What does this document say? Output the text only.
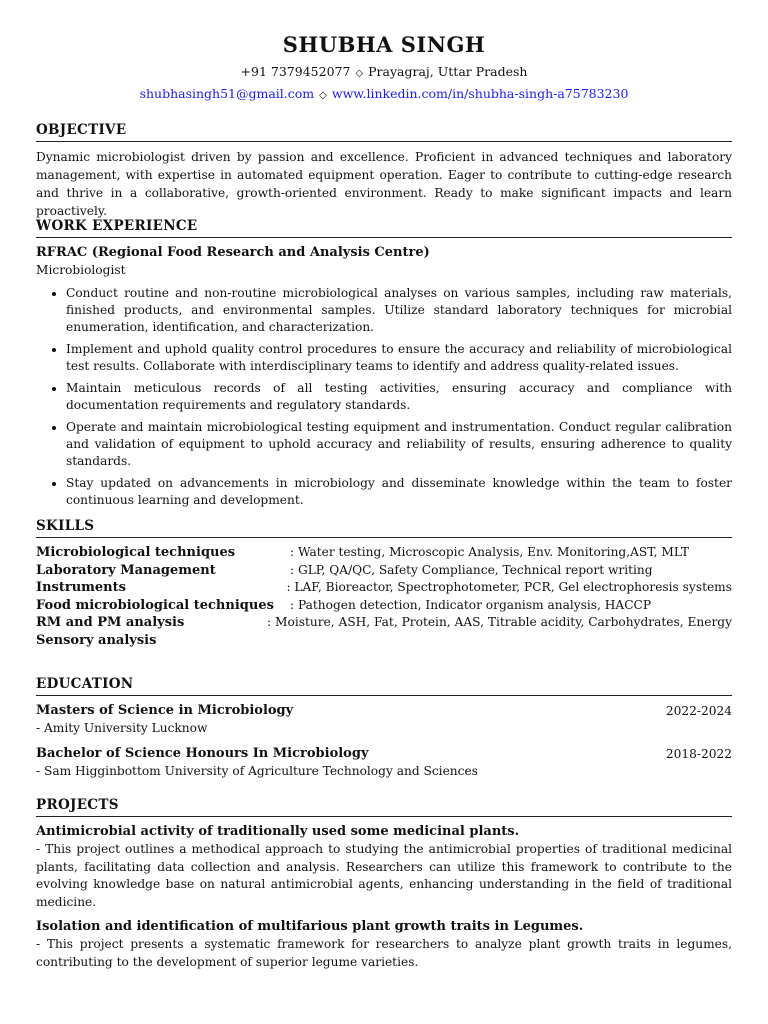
SHUBHA SINGH
+91 7379452077 ◇ Prayagraj, Uttar Pradesh
shubhasingh51@gmail.com ◇ www.linkedin.com/in/shubha-singh-a75783230
OBJECTIVE
Dynamic microbiologist driven by passion and excellence. Proficient in advanced techniques and laboratory management, with expertise in automated equipment operation. Eager to contribute to cutting-edge research and thrive in a collaborative, growth-oriented environment. Ready to make significant impacts and learn proactively.
WORK EXPERIENCE
RFRAC (Regional Food Research and Analysis Centre)
Microbiologist
• Conduct routine and non-routine microbiological analyses on various samples, including raw materials, finished products, and environmental samples. Utilize standard laboratory techniques for microbial enumeration, identification, and characterization.
• Implement and uphold quality control procedures to ensure the accuracy and reliability of microbiological test results. Collaborate with interdisciplinary teams to identify and address quality-related issues.
• Maintain meticulous records of all testing activities, ensuring accuracy and compliance with documentation requirements and regulatory standards.
• Operate and maintain microbiological testing equipment and instrumentation. Conduct regular calibration and validation of equipment to uphold accuracy and reliability of results, ensuring adherence to quality standards.
• Stay updated on advancements in microbiology and disseminate knowledge within the team to foster continuous learning and development.
SKILLS
Microbiological techniques	: Water testing, Microscopic Analysis, Env. Monitoring,AST, MLT
Laboratory Management	: GLP, QA/QC, Safety Compliance, Technical report writing
Instruments	: LAF, Bioreactor, Spectrophotometer, PCR, Gel electrophoresis systems
Food microbiological techniques	: Pathogen detection, Indicator organism analysis, HACCP
RM and PM analysis	: Moisture, ASH, Fat, Protein, AAS, Titrable acidity, Carbohydrates, Energy
Sensory analysis
EDUCATION
Masters of Science in Microbiology	2022-2024
- Amity University Lucknow
Bachelor of Science Honours In Microbiology	2018-2022
- Sam Higginbottom University of Agriculture Technology and Sciences
PROJECTS
Antimicrobial activity of traditionally used some medicinal plants.
- This project outlines a methodical approach to studying the antimicrobial properties of traditional medicinal plants, facilitating data collection and analysis. Researchers can utilize this framework to contribute to the evolving knowledge base on natural antimicrobial agents, enhancing understanding in the field of traditional medicine.
Isolation and identification of multifarious plant growth traits in Legumes.
- This project presents a systematic framework for researchers to analyze plant growth traits in legumes, contributing to the development of superior legume varieties.
